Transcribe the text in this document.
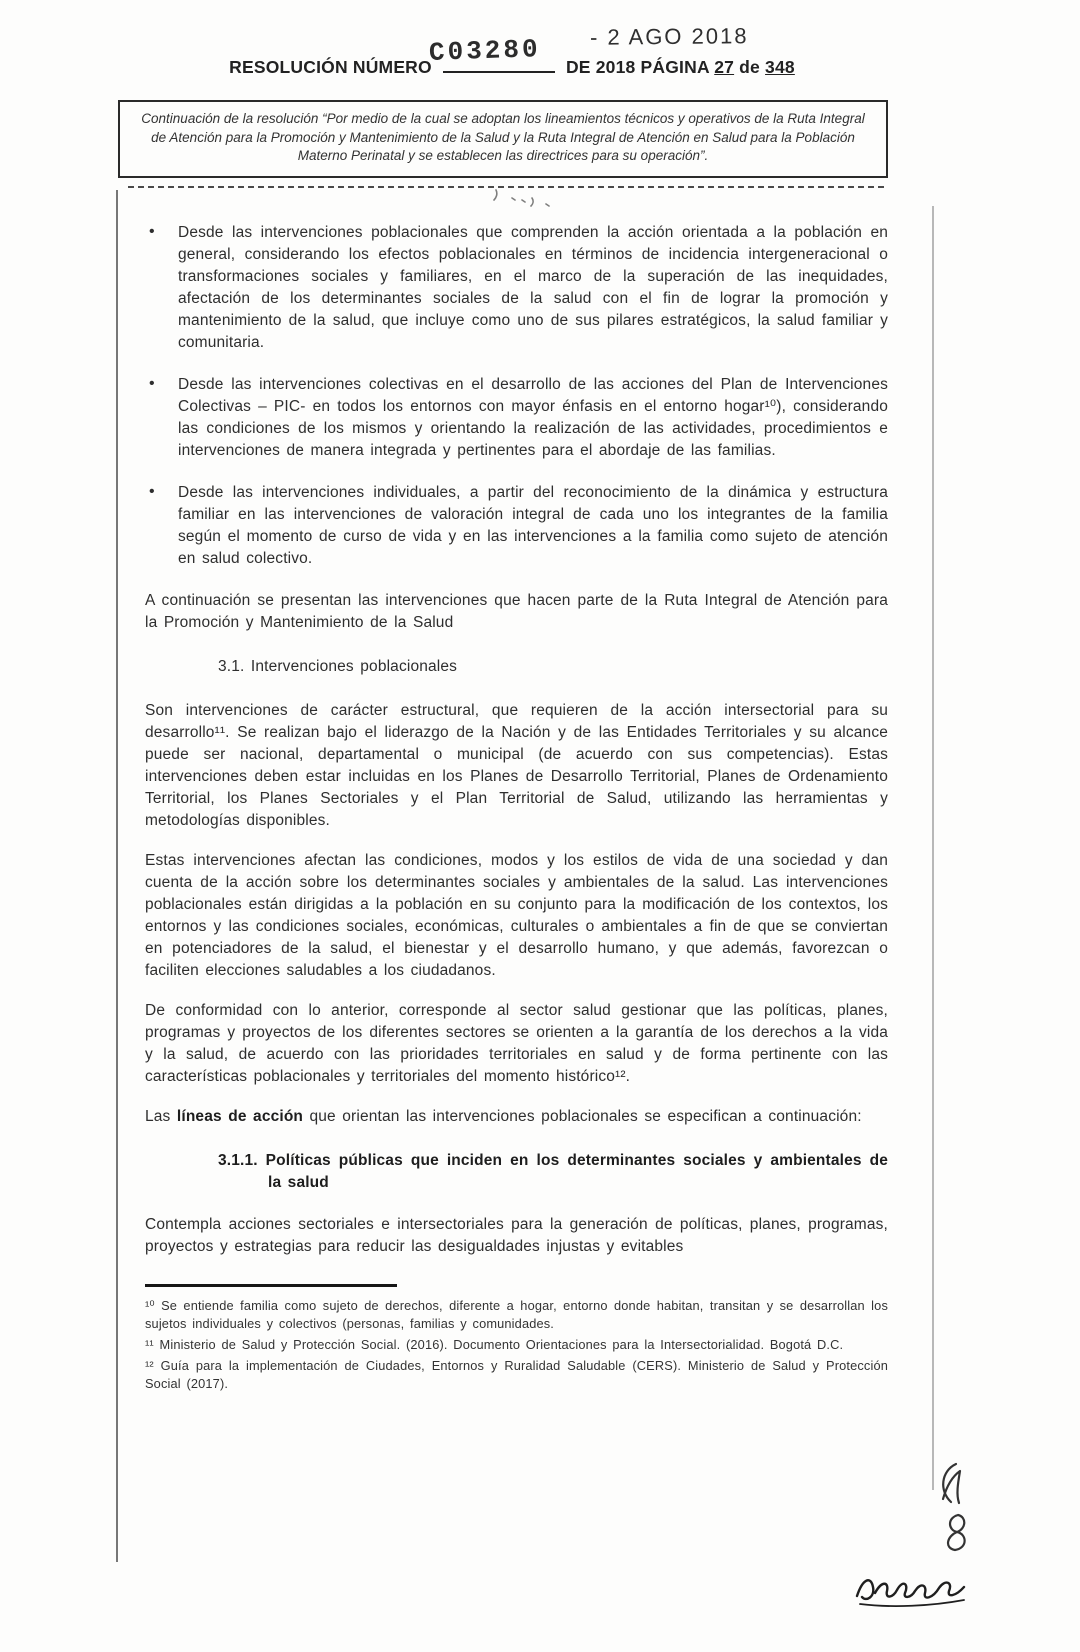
- 2 AGO 2018
RESOLUCIÓN NÚMERO
C03280 DE 2018 PÁGINA 27 de 348
Continuación de la resolución “Por medio de la cual se adoptan los lineamientos técnicos y operativos de la Ruta Integral de Atención para la Promoción y Mantenimiento de la Salud y la Ruta Integral de Atención en Salud para la Población Materno Perinatal y se establecen las directrices para su operación”.
• Desde las intervenciones poblacionales que comprenden la acción orientada a la población en general, considerando los efectos poblacionales en términos de incidencia intergeneracional o transformaciones sociales y familiares, en el marco de la superación de las inequidades, afectación de los determinantes sociales de la salud con el fin de lograr la promoción y mantenimiento de la salud, que incluye como uno de sus pilares estratégicos, la salud familiar y comunitaria.
• Desde las intervenciones colectivas en el desarrollo de las acciones del Plan de Intervenciones Colectivas – PIC- en todos los entornos con mayor énfasis en el entorno hogar¹⁰), considerando las condiciones de los mismos y orientando la realización de las actividades, procedimientos e intervenciones de manera integrada y pertinentes para el abordaje de las familias.
• Desde las intervenciones individuales, a partir del reconocimiento de la dinámica y estructura familiar en las intervenciones de valoración integral de cada uno los integrantes de la familia según el momento de curso de vida y en las intervenciones a la familia como sujeto de atención en salud colectivo.

A continuación se presentan las intervenciones que hacen parte de la Ruta Integral de Atención para la Promoción y Mantenimiento de la Salud

3.1. Intervenciones poblacionales

Son intervenciones de carácter estructural, que requieren de la acción intersectorial para su desarrollo¹¹. Se realizan bajo el liderazgo de la Nación y de las Entidades Territoriales y su alcance puede ser nacional, departamental o municipal (de acuerdo con sus competencias). Estas intervenciones deben estar incluidas en los Planes de Desarrollo Territorial, Planes de Ordenamiento Territorial, los Planes Sectoriales y el Plan Territorial de Salud, utilizando las herramientas y metodologías disponibles.

Estas intervenciones afectan las condiciones, modos y los estilos de vida de una sociedad y dan cuenta de la acción sobre los determinantes sociales y ambientales de la salud. Las intervenciones poblacionales están dirigidas a la población en su conjunto para la modificación de los contextos, los entornos y las condiciones sociales, económicas, culturales o ambientales a fin de que se conviertan en potenciadores de la salud, el bienestar y el desarrollo humano, y que además, favorezcan o faciliten elecciones saludables a los ciudadanos.

De conformidad con lo anterior, corresponde al sector salud gestionar que las políticas, planes, programas y proyectos de los diferentes sectores se orienten a la garantía de los derechos a la vida y la salud, de acuerdo con las prioridades territoriales en salud y de forma pertinente con las características poblacionales y territoriales del momento histórico¹².

Las líneas de acción que orientan las intervenciones poblacionales se especifican a continuación:

3.1.1. Políticas públicas que inciden en los determinantes sociales y ambientales de la salud

Contempla acciones sectoriales e intersectoriales para la generación de políticas, planes, programas, proyectos y estrategias para reducir las desigualdades injustas y evitables

¹⁰ Se entiende familia como sujeto de derechos, diferente a hogar, entorno donde habitan, transitan y se desarrollan los sujetos individuales y colectivos (personas, familias y comunidades.

¹¹ Ministerio de Salud y Protección Social. (2016). Documento Orientaciones para la Intersectorialidad. Bogotá D.C.

¹² Guía para la implementación de Ciudades, Entornos y Ruralidad Saludable (CERS). Ministerio de Salud y Protección Social (2017).
